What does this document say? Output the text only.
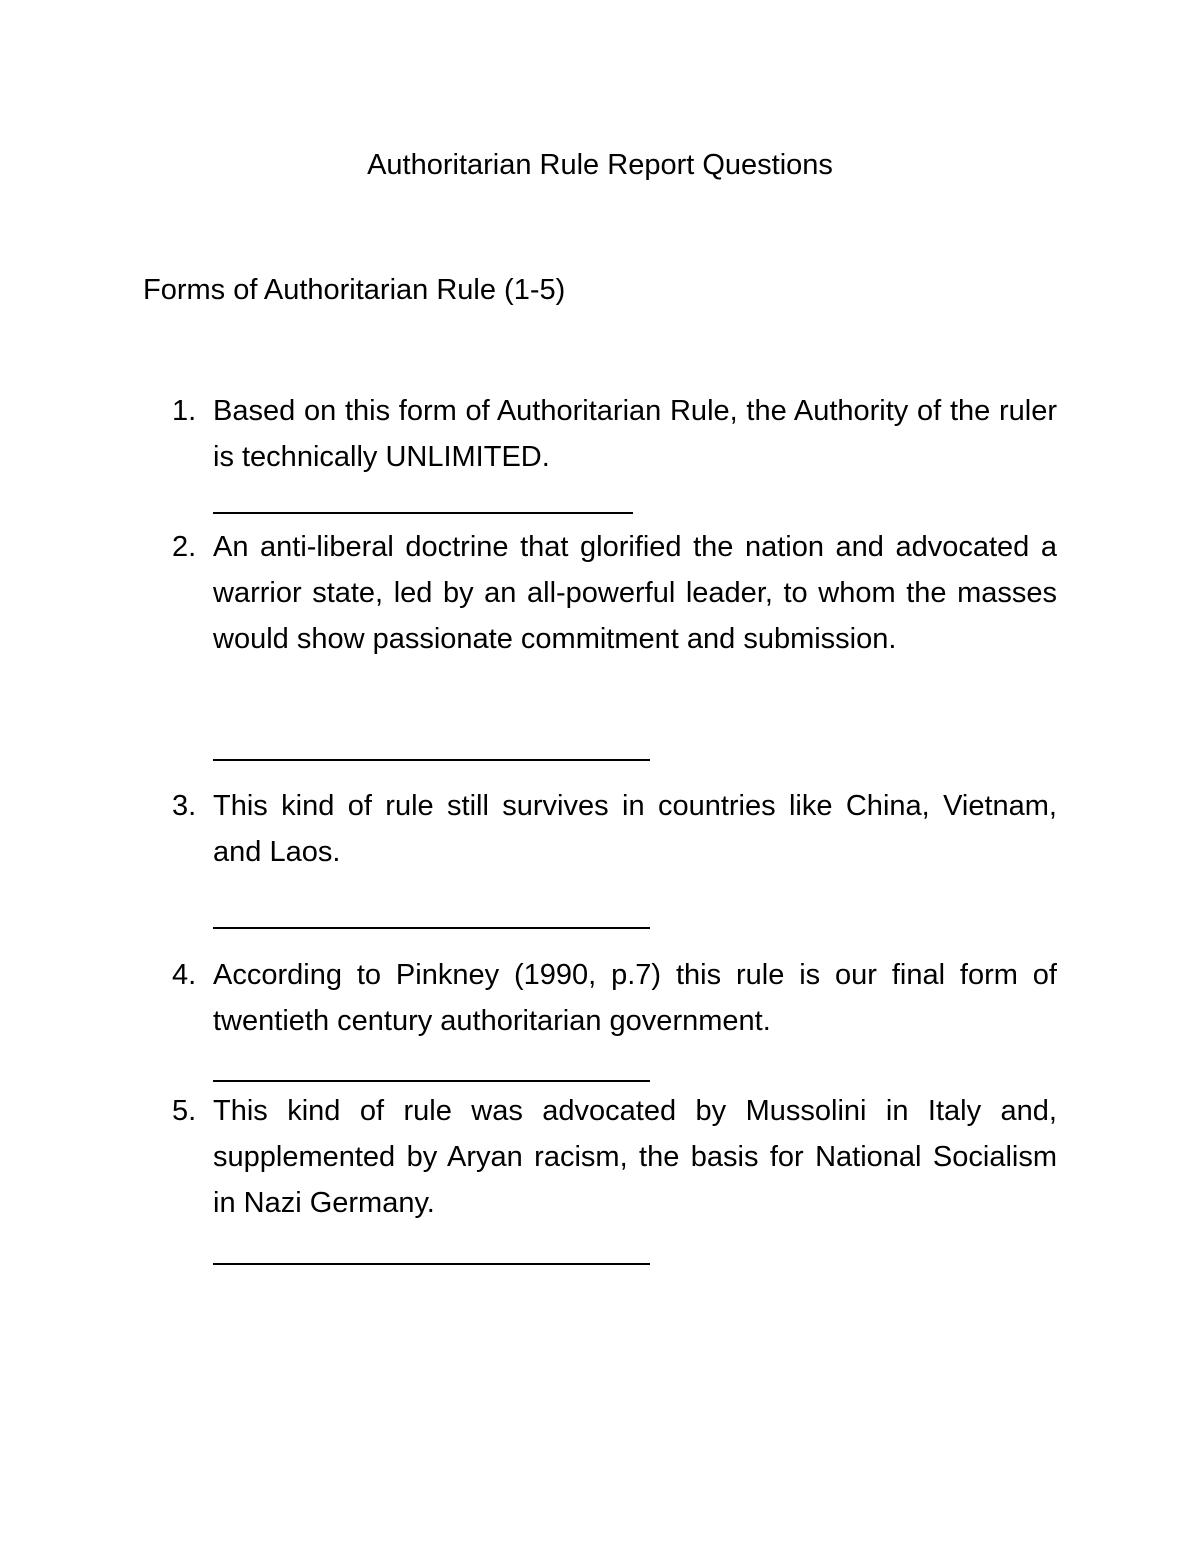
Authoritarian Rule Report Questions
Forms of Authoritarian Rule (1-5)
1. Based on this form of Authoritarian Rule, the Authority of the ruler is technically UNLIMITED.
2. An anti-liberal doctrine that glorified the nation and advocated a warrior state, led by an all-powerful leader, to whom the masses would show passionate commitment and submission.
3. This kind of rule still survives in countries like China, Vietnam, and Laos.
4. According to Pinkney (1990, p.7) this rule is our final form of twentieth century authoritarian government.
5. This kind of rule was advocated by Mussolini in Italy and, supplemented by Aryan racism, the basis for National Socialism in Nazi Germany.
